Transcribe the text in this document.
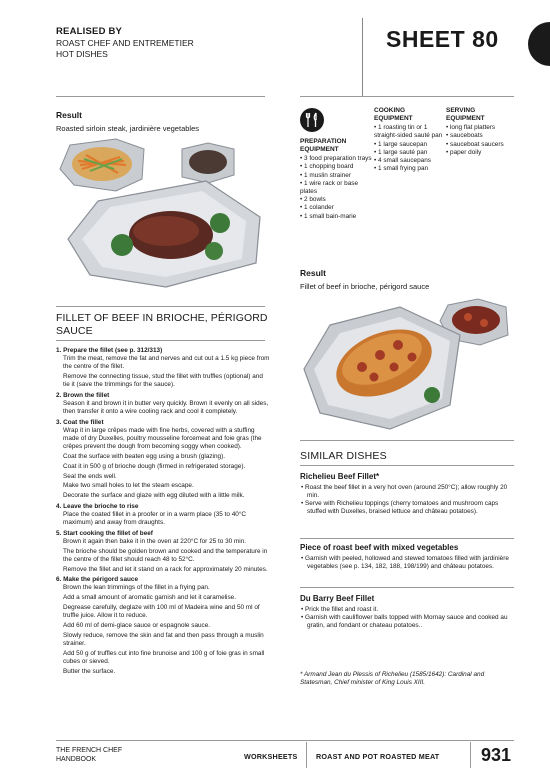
REALISED BY
ROAST CHEF AND ENTREMETIER
HOT DISHES
SHEET 80
Result
Roasted sirloin steak, jardinière vegetables
FILLET OF BEEF IN BRIOCHE, PÉRIGORD SAUCE
1. Prepare the fillet (see p. 312/313)

Trim the meat, remove the fat and nerves and cut out a 1.5 kg piece from the centre of the fillet.

Remove the connecting tissue, stud the fillet with truffles (optional) and tie it (save the trimmings for the sauce).

2. Brown the fillet

Season it and brown it in butter very quickly. Brown it evenly on all sides, then transfer it onto a wire cooling rack and cool it completely.

3. Coat the fillet

Wrap it in large crêpes made with fine herbs, covered with a stuffing made of dry Duxelles, poultry mousseline forcemeat and foie gras (the crêpes prevent the dough from becoming soggy when cooked).

Coat the surface with beaten egg using a brush (glazing).

Coat it in 500 g of brioche dough (firmed in refrigerated storage).

Seal the ends well.

Make two small holes to let the steam escape.

Decorate the surface and glaze with egg diluted with a little milk.

4. Leave the brioche to rise

Place the coated fillet in a proofer or in a warm place (35 to 40°C maximum) and away from draughts.

5. Start cooking the fillet of beef

Brown it again then bake it in the oven at 220°C for 25 to 30 min.

The brioche should be golden brown and cooked and the temperature in the centre of the fillet should reach 48 to 52°C.

Remove the fillet and let it stand on a rack for approximately 20 minutes.

6. Make the périgord sauce

Brown the lean trimmings of the fillet in a frying pan.

Add a small amount of aromatic garnish and let it caramelise.

Degrease carefully, deglaze with 100 ml of Madeira wine and 50 ml of truffle juice. Allow it to reduce.

Add 60 ml of demi-glace sauce or espagnole sauce.

Slowly reduce, remove the skin and fat and then pass through a muslin strainer.

Add 50 g of truffles cut into fine brunoise and 100 g of foie gras in small cubes or sieved.

Butter the surface.

PREPARATION EQUIPMENT
• 3 food preparation trays
• 1 chopping board
• 1 muslin strainer
• 1 wire rack or base plates
• 2 bowls
• 1 colander
• 1 small bain-marie
COOKING EQUIPMENT
• 1 roasting tin or 1 straight-sided sauté pan
• 1 large saucepan
• 1 large sauté pan
• 4 small saucepans
• 1 small frying pan
SERVING EQUIPMENT
• long flat platters
• sauceboats
• sauceboat saucers
• paper doily
Result
Fillet of beef in brioche, périgord sauce
SIMILAR DISHES
Richelieu Beef Fillet*
• Roast the beef fillet in a very hot oven (around 250°C); allow roughly 20 min.
• Serve with Richelieu toppings (cherry tomatoes and mushroom caps stuffed with Duxelles, braised lettuce and château potatoes).
Piece of roast beef with mixed vegetables
• Garnish with peeled, hollowed and stewed tomatoes filled with jardinière vegetables (see p. 134, 182, 188, 198/199) and château potatoes.
Du Barry Beef Fillet
• Prick the fillet and roast it.
• Garnish with cauliflower balls topped with Mornay sauce and cooked au gratin, and fondant or chateau potatoes..
* Armand Jean du Plessis of Richelieu (1585/1642): Cardinal and Statesman, Chief minister of King Louis XIII.
THE FRENCH CHEF
HANDBOOK	WORKSHEETS	ROAST AND POT ROASTED MEAT 931
